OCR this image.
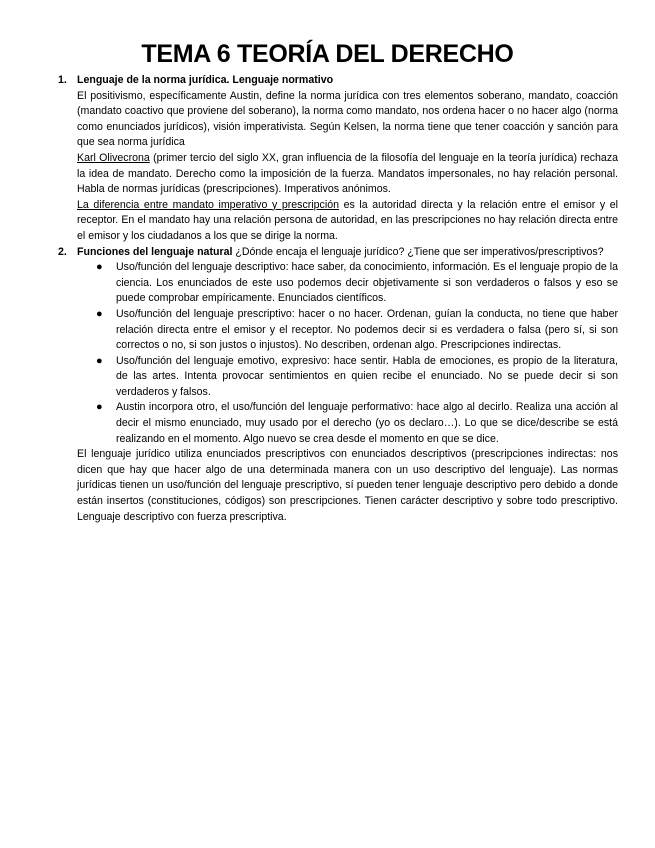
TEMA 6 TEORÍA DEL DERECHO
1. Lenguaje de la norma jurídica. Lenguaje normativo

El positivismo, específicamente Austin, define la norma jurídica con tres elementos soberano, mandato, coacción (mandato coactivo que proviene del soberano), la norma como mandato, nos ordena hacer o no hacer algo (norma como enunciados jurídicos), visión imperativista. Según Kelsen, la norma tiene que tener coacción y sanción para que sea norma jurídica

Karl Olivecrona (primer tercio del siglo XX, gran influencia de la filosofía del lenguaje en la teoría jurídica) rechaza la idea de mandato. Derecho como la imposición de la fuerza. Mandatos impersonales, no hay relación personal. Habla de normas jurídicas (prescripciones). Imperativos anónimos.

La diferencia entre mandato imperativo y prescripción es la autoridad directa y la relación entre el emisor y el receptor. En el mandato hay una relación persona de autoridad, en las prescripciones no hay relación directa entre el emisor y los ciudadanos a los que se dirige la norma.

2. Funciones del lenguaje natural ¿Dónde encaja el lenguaje jurídico? ¿Tiene que ser imperativos/prescriptivos?

● Uso/función del lenguaje descriptivo: hace saber, da conocimiento, información. Es el lenguaje propio de la ciencia. Los enunciados de este uso podemos decir objetivamente si son verdaderos o falsos y eso se puede comprobar empíricamente. Enunciados científicos.
● Uso/función del lenguaje prescriptivo: hacer o no hacer. Ordenan, guían la conducta, no tiene que haber relación directa entre el emisor y el receptor. No podemos decir si es verdadera o falsa (pero sí, si son correctos o no, si son justos o injustos). No describen, ordenan algo. Prescripciones indirectas.
● Uso/función del lenguaje emotivo, expresivo: hace sentir. Habla de emociones, es propio de la literatura, de las artes. Intenta provocar sentimientos en quien recibe el enunciado. No se puede decir si son verdaderos y falsos.
● Austin incorpora otro, el uso/función del lenguaje performativo: hace algo al decirlo. Realiza una acción al decir el mismo enunciado, muy usado por el derecho (yo os declaro…). Lo que se dice/describe se está realizando en el momento. Algo nuevo se crea desde el momento en que se dice.

El lenguaje jurídico utiliza enunciados prescriptivos con enunciados descriptivos (prescripciones indirectas: nos dicen que hay que hacer algo de una determinada manera con un uso descriptivo del lenguaje). Las normas jurídicas tienen un uso/función del lenguaje prescriptivo, sí pueden tener lenguaje descriptivo pero debido a donde están insertos (constituciones, códigos) son prescripciones. Tienen carácter descriptivo y sobre todo prescriptivo. Lenguaje descriptivo con fuerza prescriptiva.
